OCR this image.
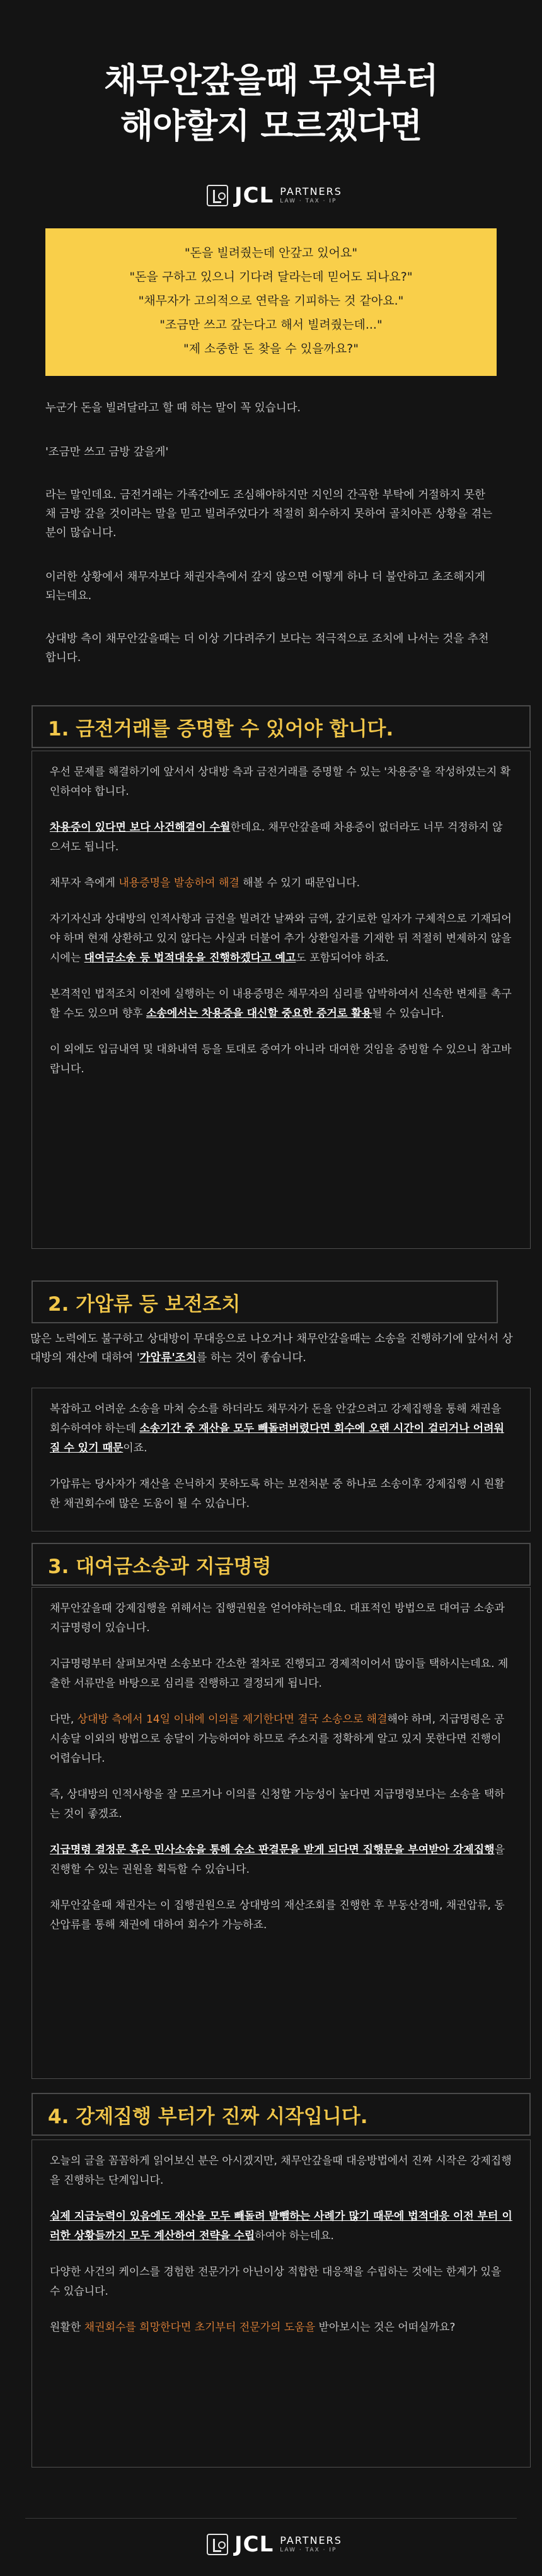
채무안갚을때 무엇부터
해야할지 모르겠다면
JCL PARTNERS
LAW · TAX · IP
"돈을 빌려줬는데 안갚고 있어요"
"돈을 구하고 있으니 기다려 달라는데 믿어도 되나요?"
"채무자가 고의적으로 연락을 기피하는 것 같아요."
"조금만 쓰고 갚는다고 해서 빌려줬는데..."
"제 소중한 돈 찾을 수 있을까요?"

누군가 돈을 빌려달라고 할 때 하는 말이 꼭 있습니다.

'조금만 쓰고 금방 갚을게'

라는 말인데요. 금전거래는 가족간에도 조심해야하지만 지인의 간곡한 부탁에 거절하지 못한 채 금방 갚을 것이라는 말을 믿고 빌려주었다가 적절히 회수하지 못하여 골치아픈 상황을 겪는 분이 많습니다.

이러한 상황에서 채무자보다 채권자측에서 갚지 않으면 어떻게 하나 더 불안하고 초조해지게 되는데요.

상대방 측이 채무안갚을때는 더 이상 기다려주기 보다는 적극적으로 조치에 나서는 것을 추천합니다.

1. 금전거래를 증명할 수 있어야 합니다.

우선 문제를 해결하기에 앞서서 상대방 측과 금전거래를 증명할 수 있는 '차용증'을 작성하였는지 확인하여야 합니다.

차용증이 있다면 보다 사건해결이 수월한데요. 채무안갚을때 차용증이 없더라도 너무 걱정하지 않으셔도 됩니다.

채무자 측에게 내용증명을 발송하여 해결 해볼 수 있기 때문입니다.

자기자신과 상대방의 인적사항과 금전을 빌려간 날짜와 금액, 갚기로한 일자가 구체적으로 기재되어야 하며 현재 상환하고 있지 않다는 사실과 더불어 추가 상환일자를 기재한 뒤 적절히 변제하지 않을 시에는 대여금소송 등 법적대응을 진행하겠다고 예고도 포함되어야 하죠.

본격적인 법적조치 이전에 실행하는 이 내용증명은 채무자의 심리를 압박하여서 신속한 변제를 촉구할 수도 있으며 향후 소송에서는 차용증을 대신할 중요한 증거로 활용될 수 있습니다.

이 외에도 입금내역 및 대화내역 등을 토대로 증여가 아니라 대여한 것임을 증빙할 수 있으니 참고바랍니다.

2. 가압류 등 보전조치

많은 노력에도 불구하고 상대방이 무대응으로 나오거나 채무안갚을때는 소송을 진행하기에 앞서서 상대방의 재산에 대하여 '가압류'조치를 하는 것이 좋습니다.

복잡하고 어려운 소송을 마쳐 승소를 하더라도 채무자가 돈을 안갚으려고 강제집행을 통해 채권을 회수하여야 하는데 소송기간 중 재산을 모두 빼돌려버렸다면 회수에 오랜 시간이 걸리거나 어려워질 수 있기 때문이죠.

가압류는 당사자가 재산을 은닉하지 못하도록 하는 보전처분 중 하나로 소송이후 강제집행 시 원활한 채권회수에 많은 도움이 될 수 있습니다.

3. 대여금소송과 지급명령

채무안갚을때 강제집행을 위해서는 집행권원을 얻어야하는데요. 대표적인 방법으로 대여금 소송과 지급명령이 있습니다.

지급명령부터 살펴보자면 소송보다 간소한 절차로 진행되고 경제적이어서 많이들 택하시는데요. 제출한 서류만을 바탕으로 심리를 진행하고 결정되게 됩니다.

다만, 상대방 측에서 14일 이내에 이의를 제기한다면 결국 소송으로 해결해야 하며, 지급명령은 공시송달 이외의 방법으로 송달이 가능하여야 하므로 주소지를 정확하게 알고 있지 못한다면 진행이 어렵습니다.

즉, 상대방의 인적사항을 잘 모르거나 이의를 신청할 가능성이 높다면 지급명령보다는 소송을 택하는 것이 좋겠죠.

지급명령 결정문 혹은 민사소송을 통해 승소 판결문을 받게 되다면 집행문을 부여받아 강제집행을 진행할 수 있는 권원을 획득할 수 있습니다.

채무안갚을때 채권자는 이 집행권원으로 상대방의 재산조회를 진행한 후 부동산경매, 채권압류, 동산압류를 통해 채권에 대하여 회수가 가능하죠.

4. 강제집행 부터가 진짜 시작입니다.

오늘의 글을 꼼꼼하게 읽어보신 분은 아시겠지만, 채무안갚을때 대응방법에서 진짜 시작은 강제집행을 진행하는 단계입니다.

실제 지급능력이 있음에도 재산을 모두 빼돌려 발뺌하는 사례가 많기 때문에 법적대응 이전 부터 이러한 상황들까지 모두 계산하여 전략을 수립하여야 하는데요.

다양한 사건의 케이스를 경험한 전문가가 아닌이상 적합한 대응책을 수립하는 것에는 한계가 있을 수 있습니다.

원활한 채권회수를 희망한다면 초기부터 전문가의 도움을 받아보시는 것은 어떠실까요?

JCL PARTNERS
LAW · TAX · IP
